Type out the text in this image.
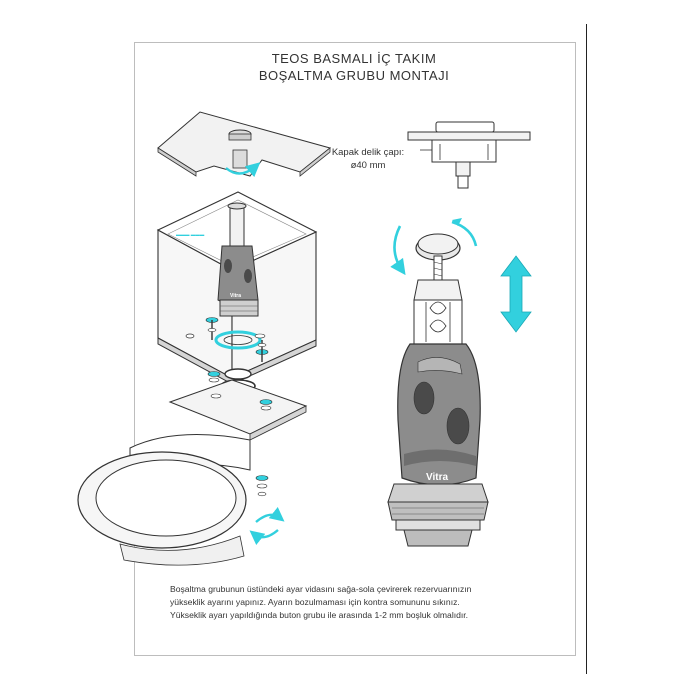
TEOS BASMALI İÇ TAKIM
BOŞALTMA GRUBU MONTAJI
Kapak delik çapı:
ø40 mm
▬▬▬ ▬▬▬
Vitra
Vitra
Boşaltma grubunun üstündeki ayar vidasını sağa-sola çevirerek rezervuarınızın
yükseklik ayarını yapınız. Ayarın bozulmaması için kontra somununu sıkınız.
Yükseklik ayarı yapıldığında buton grubu ile arasında 1-2 mm boşluk olmalıdır.
